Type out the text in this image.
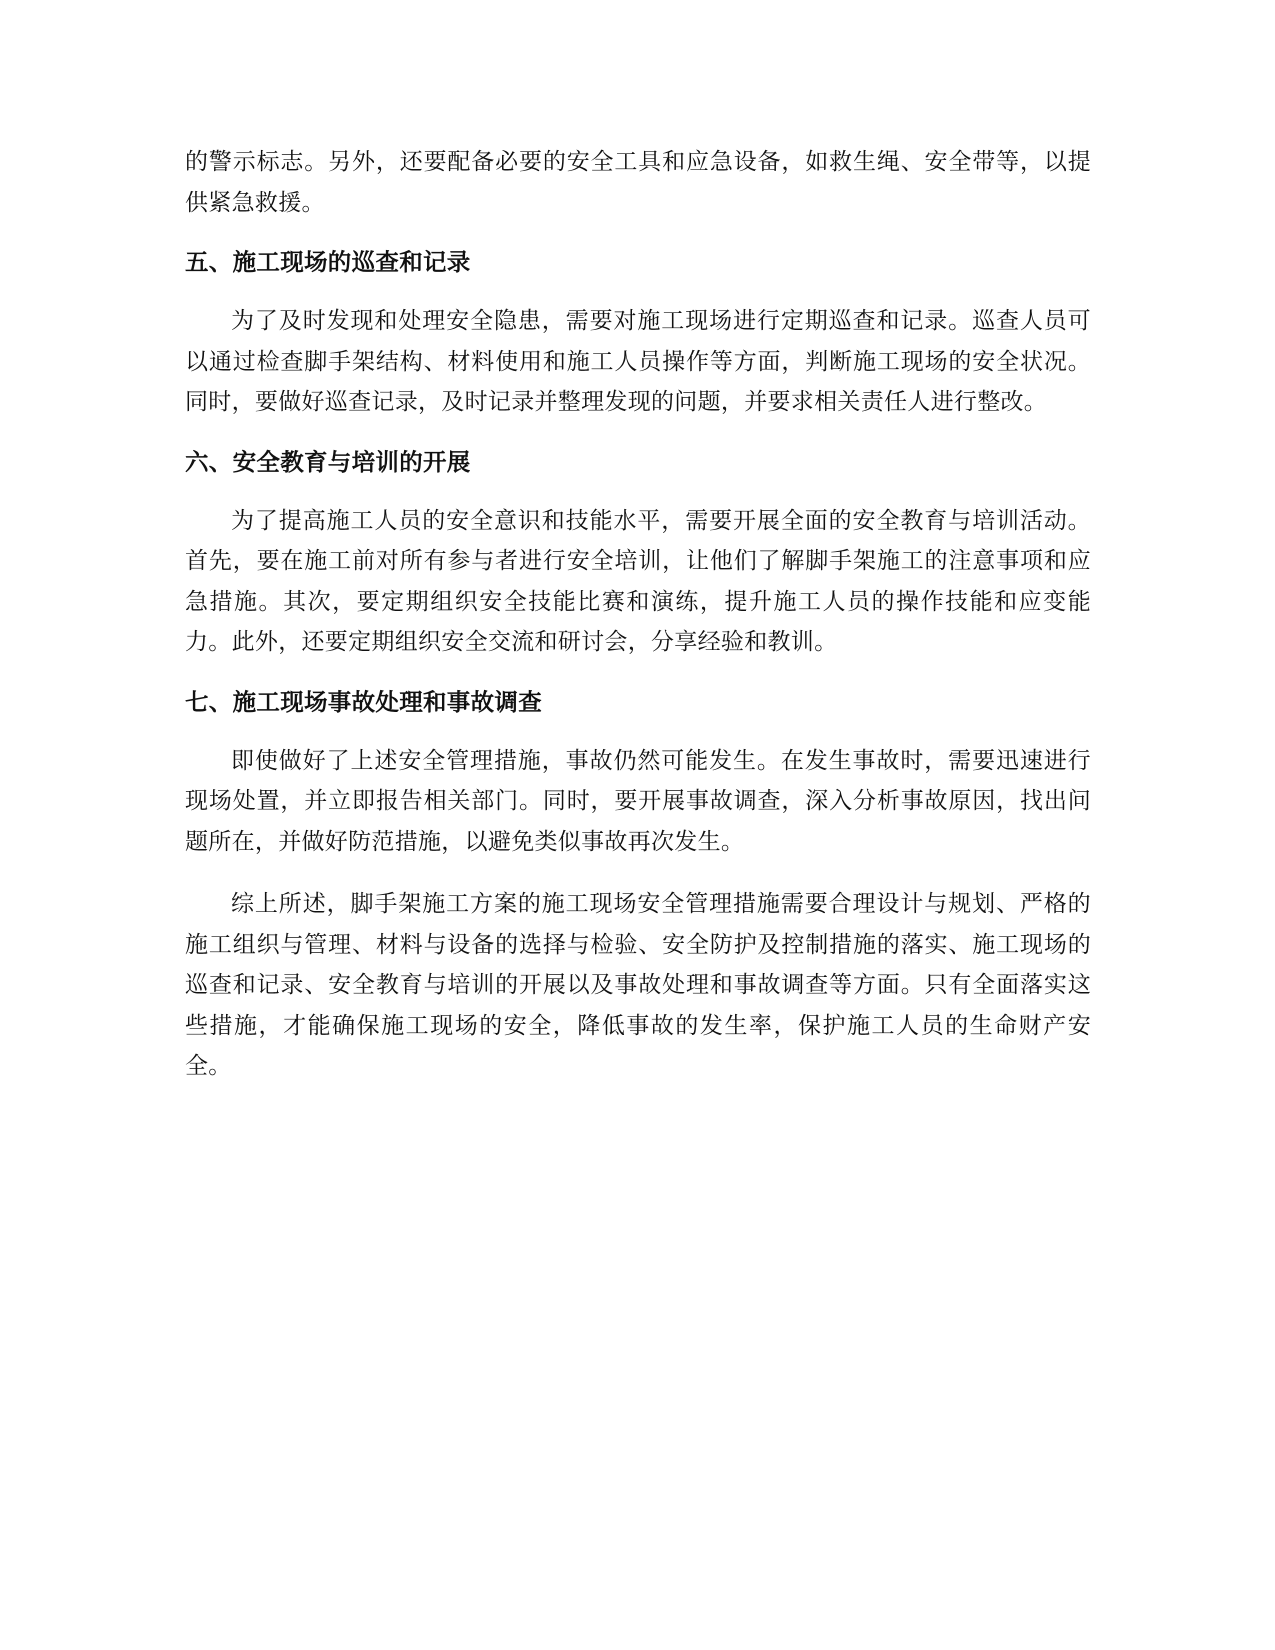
的警示标志。另外，还要配备必要的安全工具和应急设备，如救生绳、安全带等，以提供紧急救援。

五、施工现场的巡查和记录

为了及时发现和处理安全隐患，需要对施工现场进行定期巡查和记录。巡查人员可以通过检查脚手架结构、材料使用和施工人员操作等方面，判断施工现场的安全状况。同时，要做好巡查记录，及时记录并整理发现的问题，并要求相关责任人进行整改。

六、安全教育与培训的开展

为了提高施工人员的安全意识和技能水平，需要开展全面的安全教育与培训活动。首先，要在施工前对所有参与者进行安全培训，让他们了解脚手架施工的注意事项和应急措施。其次，要定期组织安全技能比赛和演练，提升施工人员的操作技能和应变能力。此外，还要定期组织安全交流和研讨会，分享经验和教训。

七、施工现场事故处理和事故调查

即使做好了上述安全管理措施，事故仍然可能发生。在发生事故时，需要迅速进行现场处置，并立即报告相关部门。同时，要开展事故调查，深入分析事故原因，找出问题所在，并做好防范措施，以避免类似事故再次发生。

综上所述，脚手架施工方案的施工现场安全管理措施需要合理设计与规划、严格的施工组织与管理、材料与设备的选择与检验、安全防护及控制措施的落实、施工现场的巡查和记录、安全教育与培训的开展以及事故处理和事故调查等方面。只有全面落实这些措施，才能确保施工现场的安全，降低事故的发生率，保护施工人员的生命财产安全。
